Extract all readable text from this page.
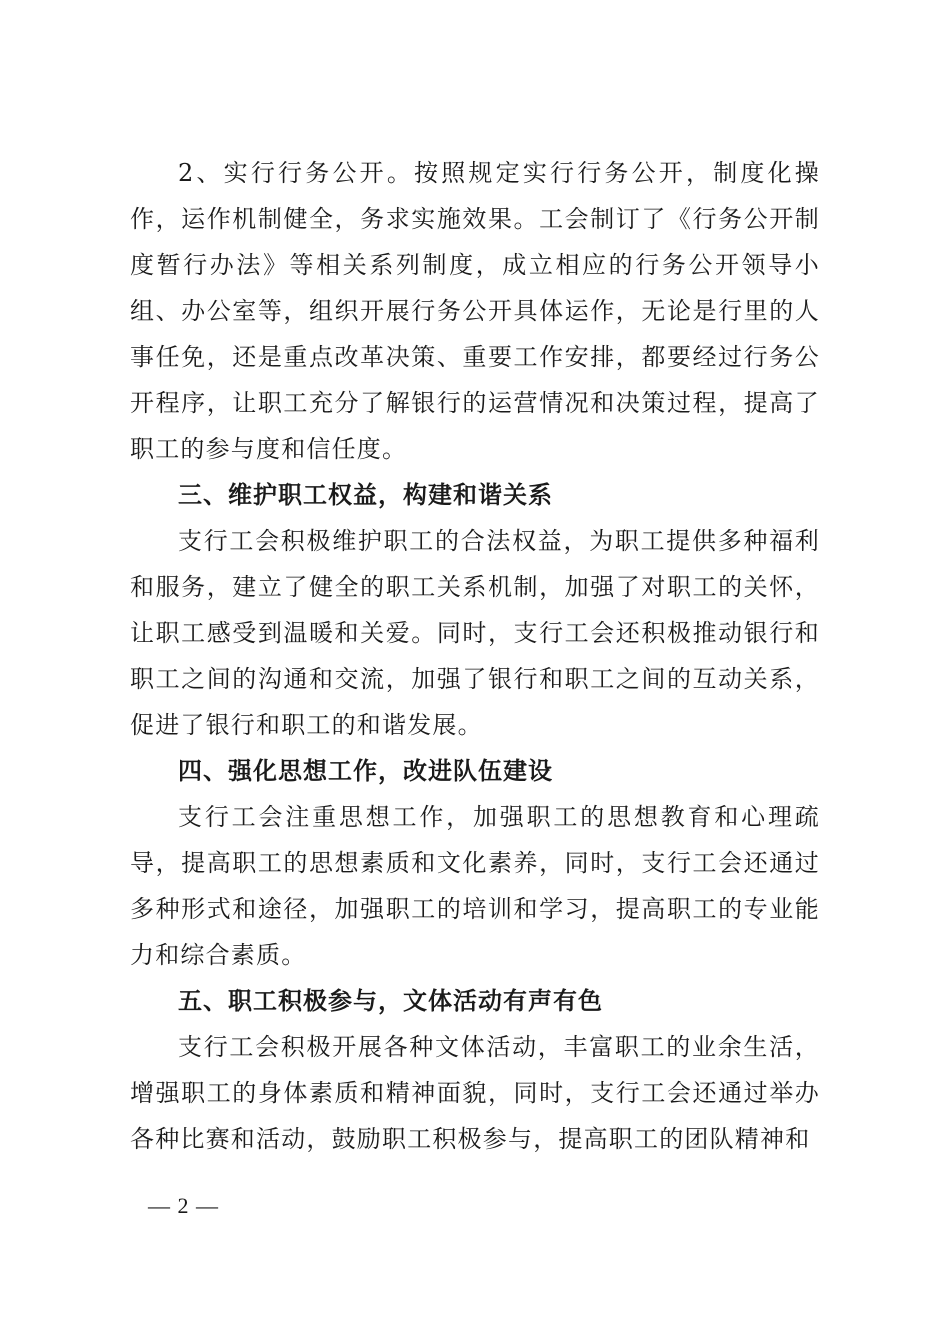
2、实行行务公开。按照规定实行行务公开，制度化操作，运作机制健全，务求实施效果。工会制订了《行务公开制度暂行办法》等相关系列制度，成立相应的行务公开领导小组、办公室等，组织开展行务公开具体运作，无论是行里的人事任免，还是重点改革决策、重要工作安排，都要经过行务公开程序，让职工充分了解银行的运营情况和决策过程，提高了职工的参与度和信任度。

三、维护职工权益，构建和谐关系

支行工会积极维护职工的合法权益，为职工提供多种福利和服务，建立了健全的职工关系机制，加强了对职工的关怀，让职工感受到温暖和关爱。同时，支行工会还积极推动银行和职工之间的沟通和交流，加强了银行和职工之间的互动关系，促进了银行和职工的和谐发展。

四、强化思想工作，改进队伍建设

支行工会注重思想工作，加强职工的思想教育和心理疏导，提高职工的思想素质和文化素养，同时，支行工会还通过多种形式和途径，加强职工的培训和学习，提高职工的专业能力和综合素质。

五、职工积极参与，文体活动有声有色

支行工会积极开展各种文体活动，丰富职工的业余生活，增强职工的身体素质和精神面貌，同时，支行工会还通过举办各种比赛和活动，鼓励职工积极参与，提高职工的团队精神和

— 2 —
